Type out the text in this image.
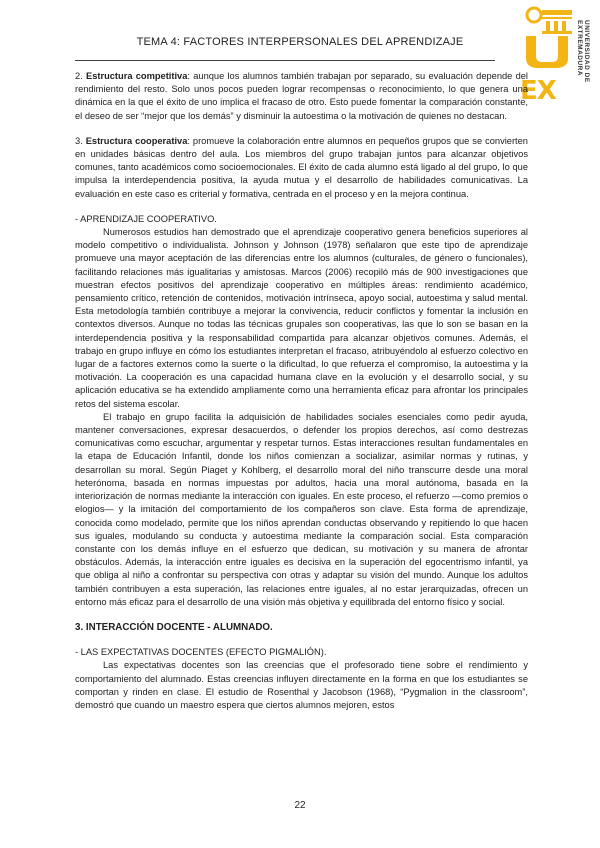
EX
UNIVERSIDAD DE EXTREMADURA
TEMA 4: FACTORES INTERPERSONALES DEL APRENDIZAJE

2. Estructura competitiva: aunque los alumnos también trabajan por separado, su evaluación depende del rendimiento del resto. Solo unos pocos pueden lograr recompensas o reconocimiento, lo que genera una dinámica en la que el éxito de uno implica el fracaso de otro. Esto puede fomentar la comparación constante, el deseo de ser “mejor que los demás” y disminuir la autoestima o la motivación de quienes no destacan.

3. Estructura cooperativa: promueve la colaboración entre alumnos en pequeños grupos que se convierten en unidades básicas dentro del aula. Los miembros del grupo trabajan juntos para alcanzar objetivos comunes, tanto académicos como socioemocionales. El éxito de cada alumno está ligado al del grupo, lo que impulsa la interdependencia positiva, la ayuda mutua y el desarrollo de habilidades comunicativas. La evaluación en este caso es criterial y formativa, centrada en el proceso y en la mejora continua.

- APRENDIZAJE COOPERATIVO.

Numerosos estudios han demostrado que el aprendizaje cooperativo genera beneficios superiores al modelo competitivo o individualista. Johnson y Johnson (1978) señalaron que este tipo de aprendizaje promueve una mayor aceptación de las diferencias entre los alumnos (culturales, de género o funcionales), facilitando relaciones más igualitarias y amistosas. Marcos (2006) recopiló más de 900 investigaciones que muestran efectos positivos del aprendizaje cooperativo en múltiples áreas: rendimiento académico, pensamiento crítico, retención de contenidos, motivación intrínseca, apoyo social, autoestima y salud mental. Esta metodología también contribuye a mejorar la convivencia, reducir conflictos y fomentar la inclusión en contextos diversos. Aunque no todas las técnicas grupales son cooperativas, las que lo son se basan en la interdependencia positiva y la responsabilidad compartida para alcanzar objetivos comunes. Además, el trabajo en grupo influye en cómo los estudiantes interpretan el fracaso, atribuyéndolo al esfuerzo colectivo en lugar de a factores externos como la suerte o la dificultad, lo que refuerza el compromiso, la autoestima y la motivación. La cooperación es una capacidad humana clave en la evolución y el desarrollo social, y su aplicación educativa se ha extendido ampliamente como una herramienta eficaz para afrontar los principales retos del sistema escolar.

El trabajo en grupo facilita la adquisición de habilidades sociales esenciales como pedir ayuda, mantener conversaciones, expresar desacuerdos, o defender los propios derechos, así como destrezas comunicativas como escuchar, argumentar y respetar turnos. Estas interacciones resultan fundamentales en la etapa de Educación Infantil, donde los niños comienzan a socializar, asimilar normas y rutinas, y desarrollan su moral. Según Piaget y Kohlberg, el desarrollo moral del niño transcurre desde una moral heterónoma, basada en normas impuestas por adultos, hacia una moral autónoma, basada en la interiorización de normas mediante la interacción con iguales. En este proceso, el refuerzo —como premios o elogios— y la imitación del comportamiento de los compañeros son clave. Esta forma de aprendizaje, conocida como modelado, permite que los niños aprendan conductas observando y repitiendo lo que hacen sus iguales, modulando su conducta y autoestima mediante la comparación social. Esta comparación constante con los demás influye en el esfuerzo que dedican, su motivación y su manera de afrontar obstáculos. Además, la interacción entre iguales es decisiva en la superación del egocentrismo infantil, ya que obliga al niño a confrontar su perspectiva con otras y adaptar su visión del mundo. Aunque los adultos también contribuyen a esta superación, las relaciones entre iguales, al no estar jerarquizadas, ofrecen un entorno más eficaz para el desarrollo de una visión más objetiva y equilibrada del entorno físico y social.

3. INTERACCIÓN DOCENTE - ALUMNADO.

- LAS EXPECTATIVAS DOCENTES (EFECTO PIGMALIÓN).

Las expectativas docentes son las creencias que el profesorado tiene sobre el rendimiento y comportamiento del alumnado. Estas creencias influyen directamente en la forma en que los estudiantes se comportan y rinden en clase. El estudio de Rosenthal y Jacobson (1968), “Pygmalion in the classroom”, demostró que cuando un maestro espera que ciertos alumnos mejoren, estos

22
